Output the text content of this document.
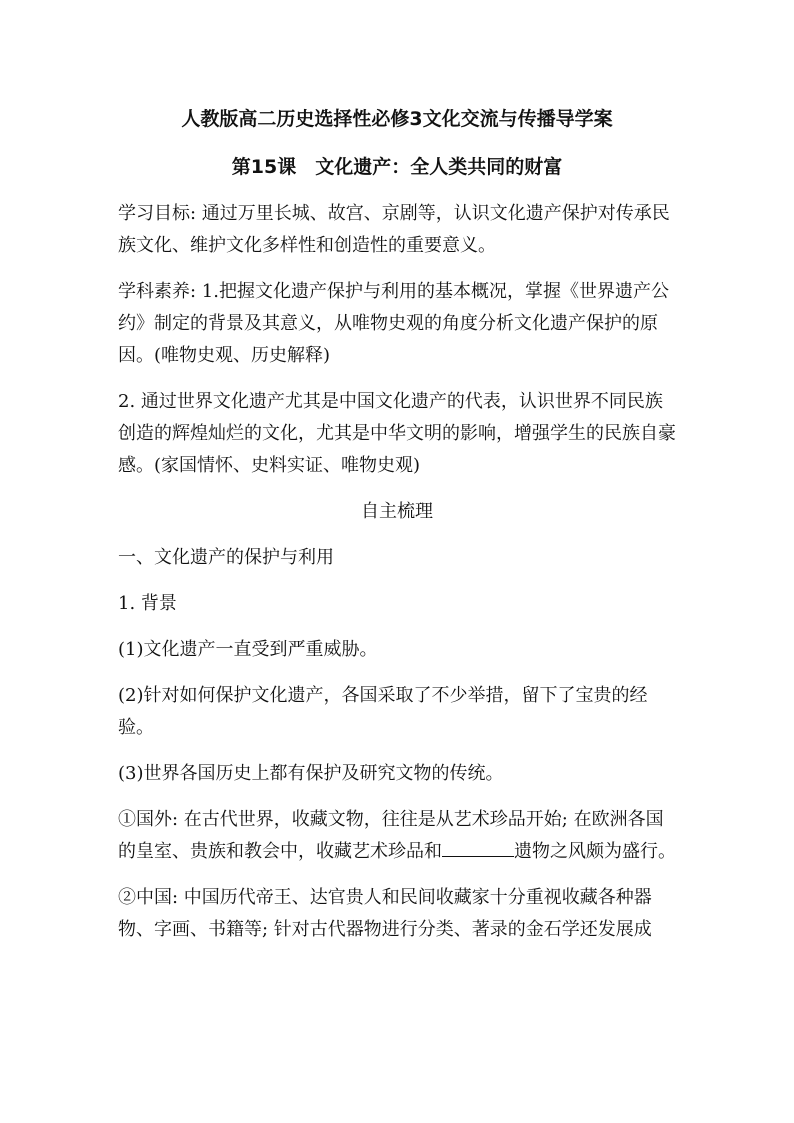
人教版高二历史选择性必修3文化交流与传播导学案
第15课　文化遗产：全人类共同的财富

学习目标: 通过万里长城、故宫、京剧等，认识文化遗产保护对传承民族文化、维护文化多样性和创造性的重要意义。

学科素养: 1.把握文化遗产保护与利用的基本概况，掌握《世界遗产公约》制定的背景及其意义，从唯物史观的角度分析文化遗产保护的原因。(唯物史观、历史解释)

2. 通过世界文化遗产尤其是中国文化遗产的代表，认识世界不同民族创造的辉煌灿烂的文化，尤其是中华文明的影响，增强学生的民族自豪感。(家国情怀、史料实证、唯物史观)

自主梳理

一、文化遗产的保护与利用

1. 背景

(1)文化遗产一直受到严重威胁。

(2)针对如何保护文化遗产，各国采取了不少举措，留下了宝贵的经验。

(3)世界各国历史上都有保护及研究文物的传统。

①国外: 在古代世界，收藏文物，往往是从艺术珍品开始; 在欧洲各国的皇室、贵族和教会中，收藏艺术珍品和	遗物之风颇为盛行。

②中国: 中国历代帝王、达官贵人和民间收藏家十分重视收藏各种器物、字画、书籍等; 针对古代器物进行分类、著录的金石学还发展成
